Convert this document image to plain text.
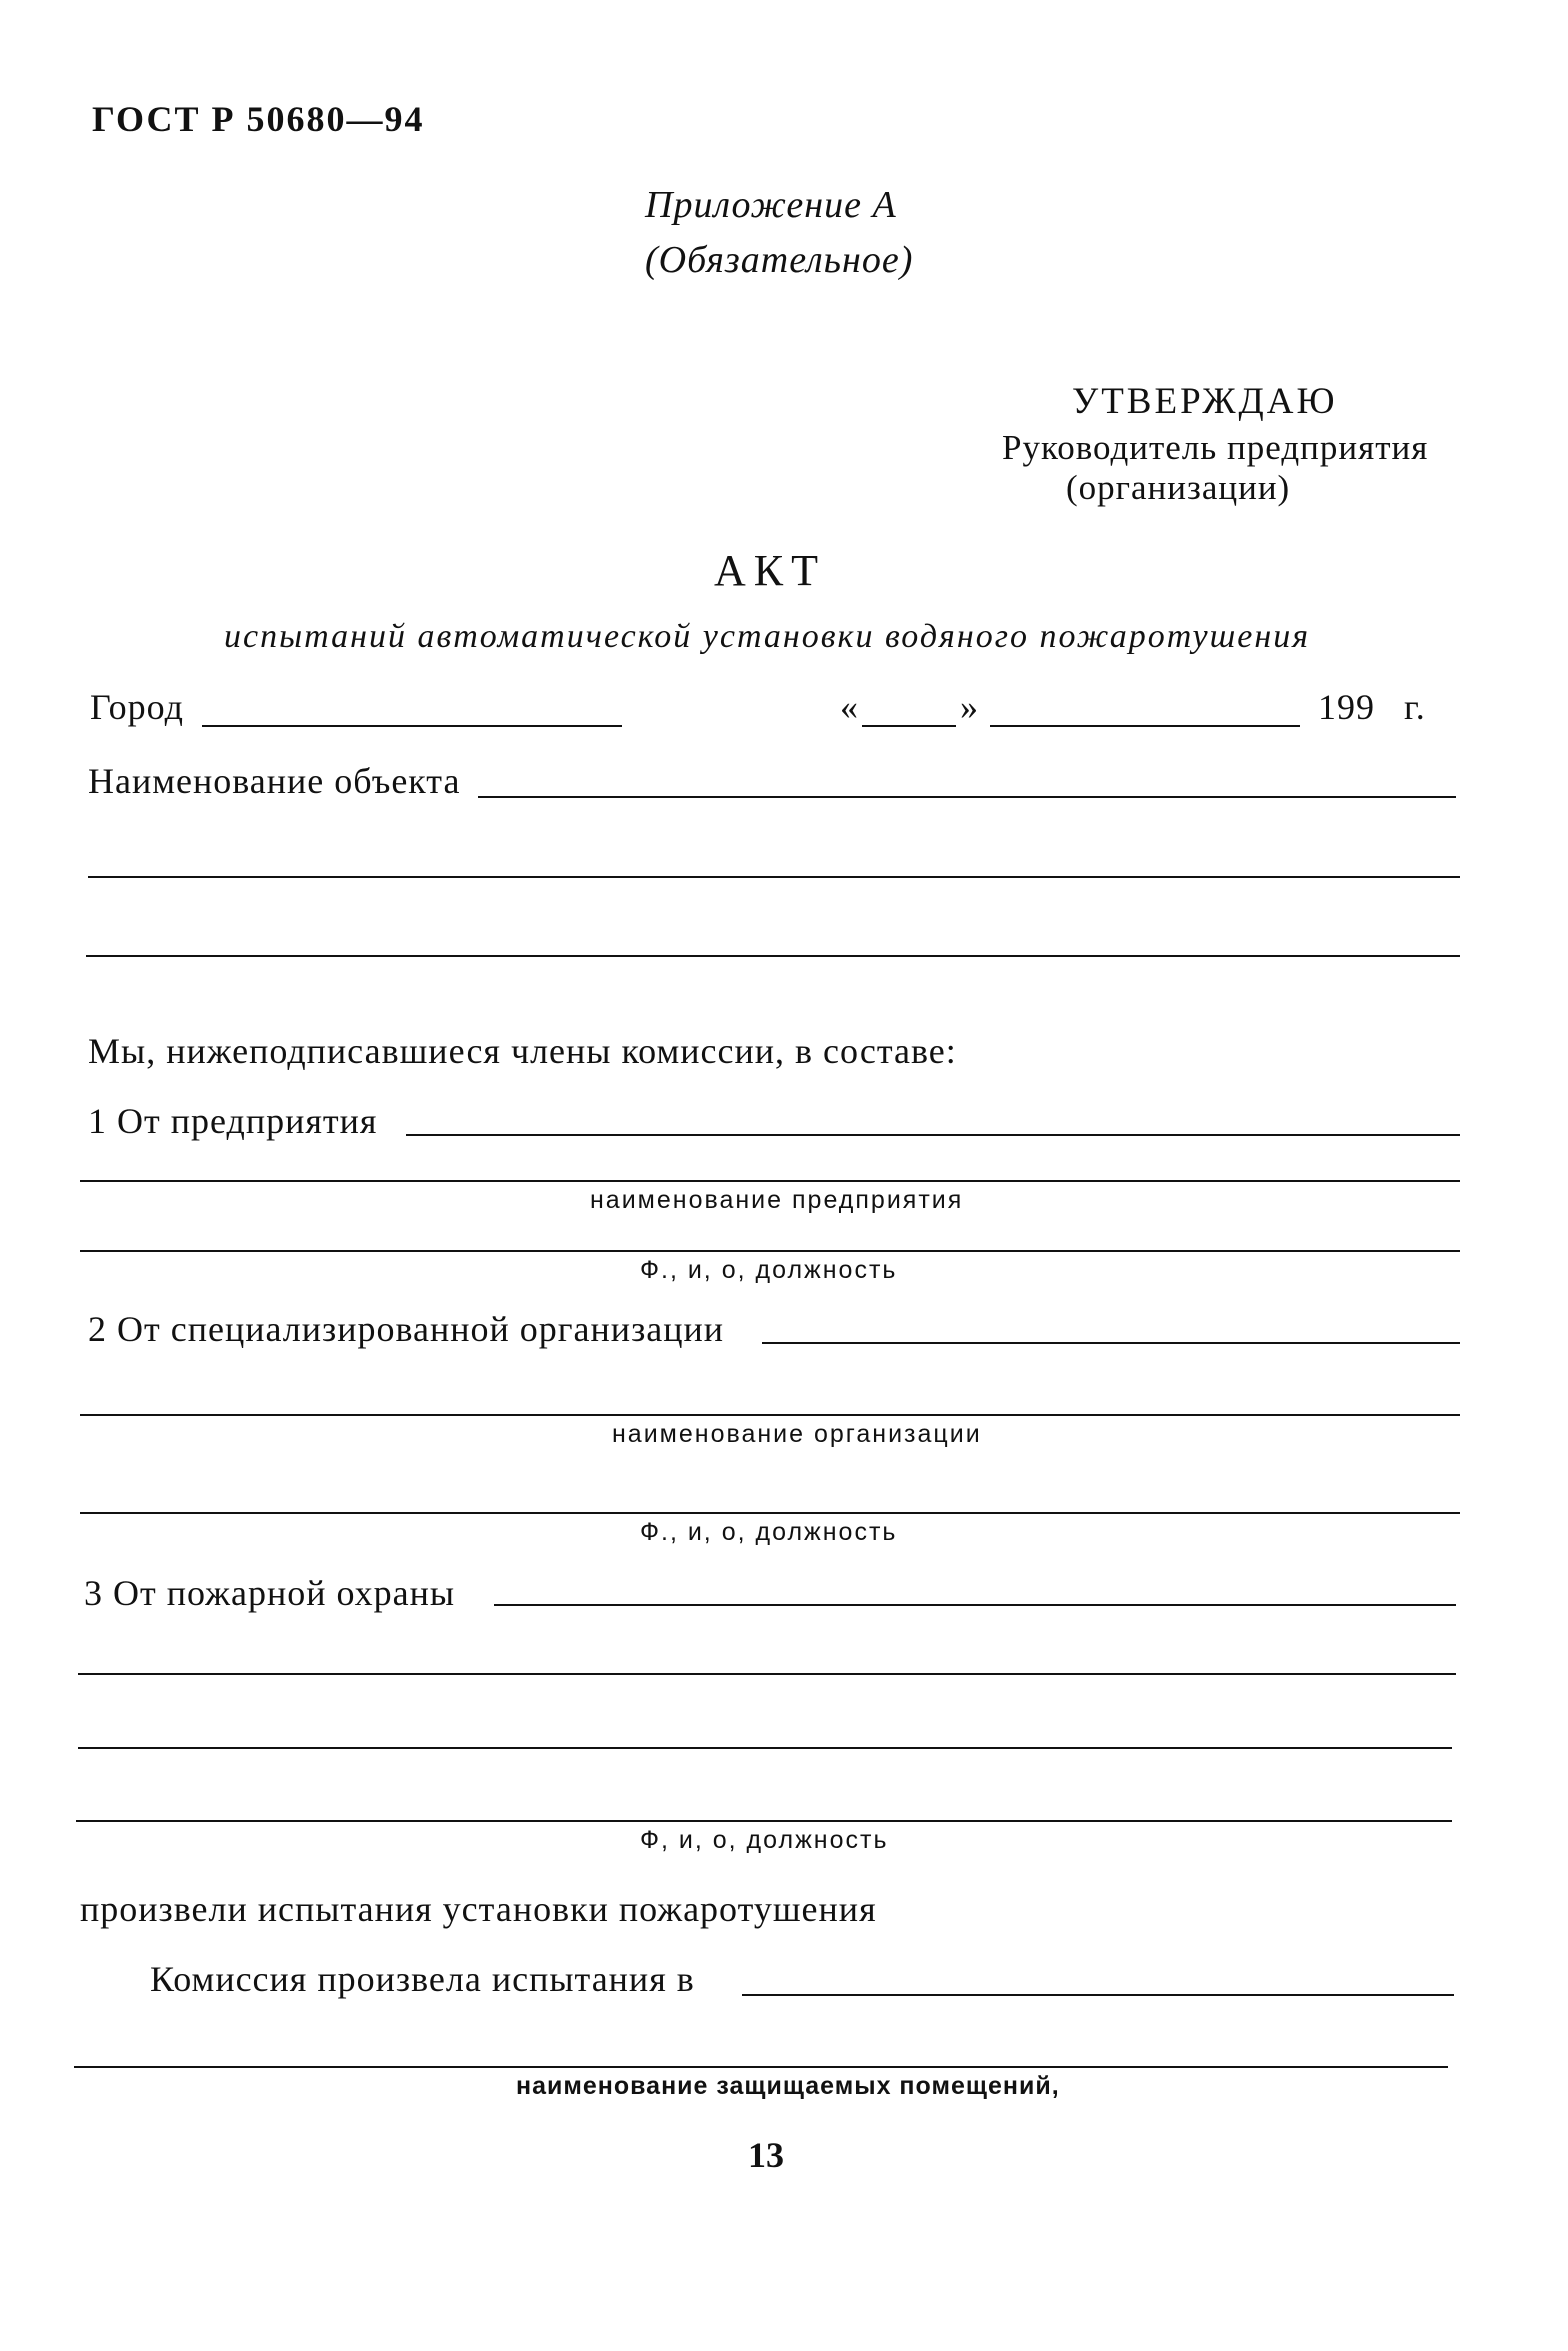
ГОСТ Р 50680—94
Приложение А
(Обязательное)
УТВЕРЖДАЮ
Руководитель предприятия
(организации)
АКТ
испытаний автоматической установки водяного пожаротушения
Город	«	»	199 г.
Наименование объекта
Мы, нижеподписавшиеся члены комиссии, в составе:
1 От предприятия
наименование предприятия
Ф., и, о, должность
2 От специализированной организации
наименование организации
Ф., и, о, должность
3 От пожарной охраны
Ф, и, о, должность
произвели испытания установки пожаротушения
Комиссия произвела испытания в
наименование защищаемых помещений,
13
